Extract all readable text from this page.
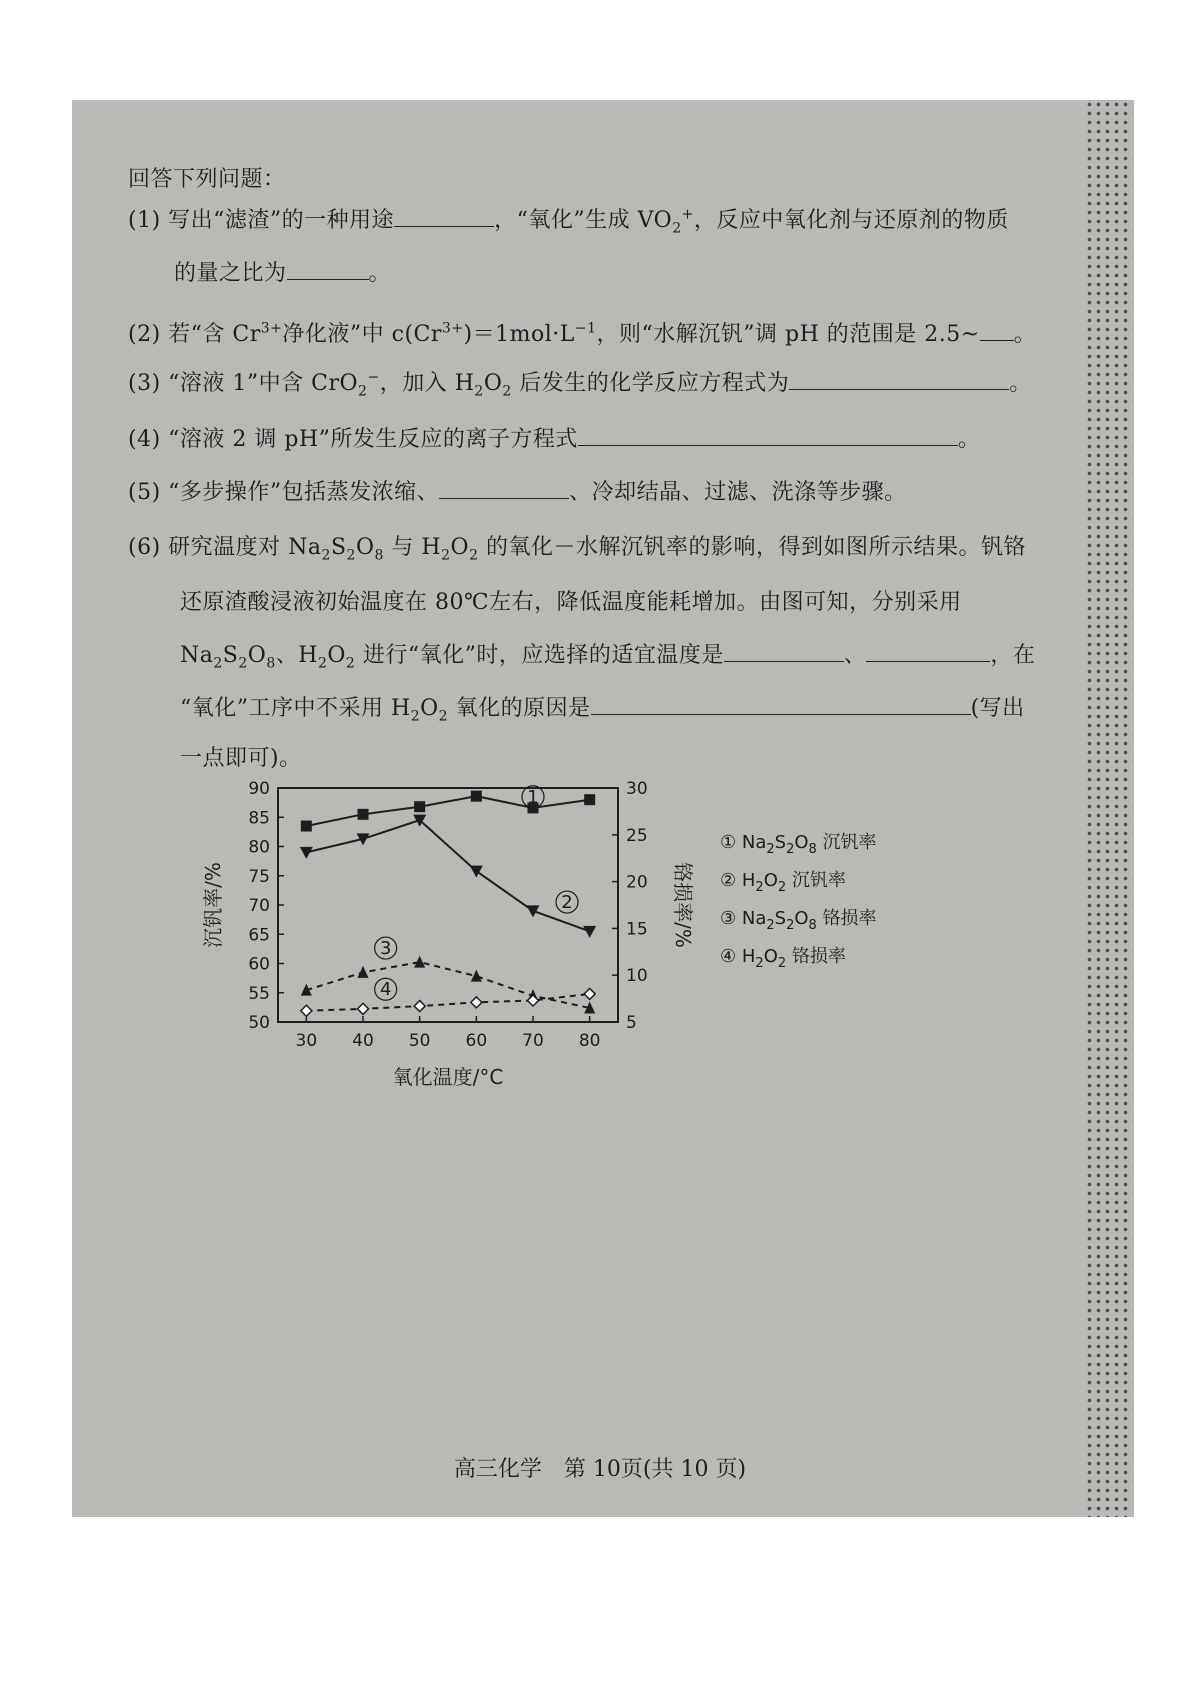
回答下列问题：
(1) 写出“滤渣”的一种用途	，“氧化”生成 $VO_2^+$，反应中氧化剂与还原剂的物质
的量之比为	。
(2) 若“含 $Cr^{3+}$净化液”中 $c(Cr^{3+})=1mol\cdot L^{-1}$，则“水解沉钒”调 pH 的范围是 2.5~ 。
(3) “溶液 1”中含 CrO$_2$−，加入 $H_2O_2$ 后发生的化学反应方程式为	。
(4) “溶液 2 调 pH”所发生反应的离子方程式	。
(5) “多步操作”包括蒸发浓缩、	、冷却结晶、过滤、洗涤等步骤。
(6) 研究温度对 $Na_2S_2O_8$ 与 $H_2O_2$ 的氧化－水解沉钒率的影响，得到如图所示结果。钒铬
还原渣酸浸液初始温度在 80℃左右，降低温度能耗增加。由图可知，分别采用
$Na_2S_2O_8$、$H_2O_2$ 进行“氧化”时，应选择的适宜温度是	、	，在
“氧化”工序中不采用 $H_2O_2$ 氧化的原因是	(写出
一点即可)。
50
55
60
65
70
75
80
85
90
5
10
15
20
25
30
30 40 50 60 70 80
氧化温度/°C
沉钒率/%	铬损率/%
1
2
3
4
① $Na_2S_2O_8$ 沉钒率
② $H_2O_2$ 沉钒率
③ $Na_2S_2O_8$ 铬损率
④ $H_2O_2$ 铬损率
高三化学　第 10页(共 10 页)
